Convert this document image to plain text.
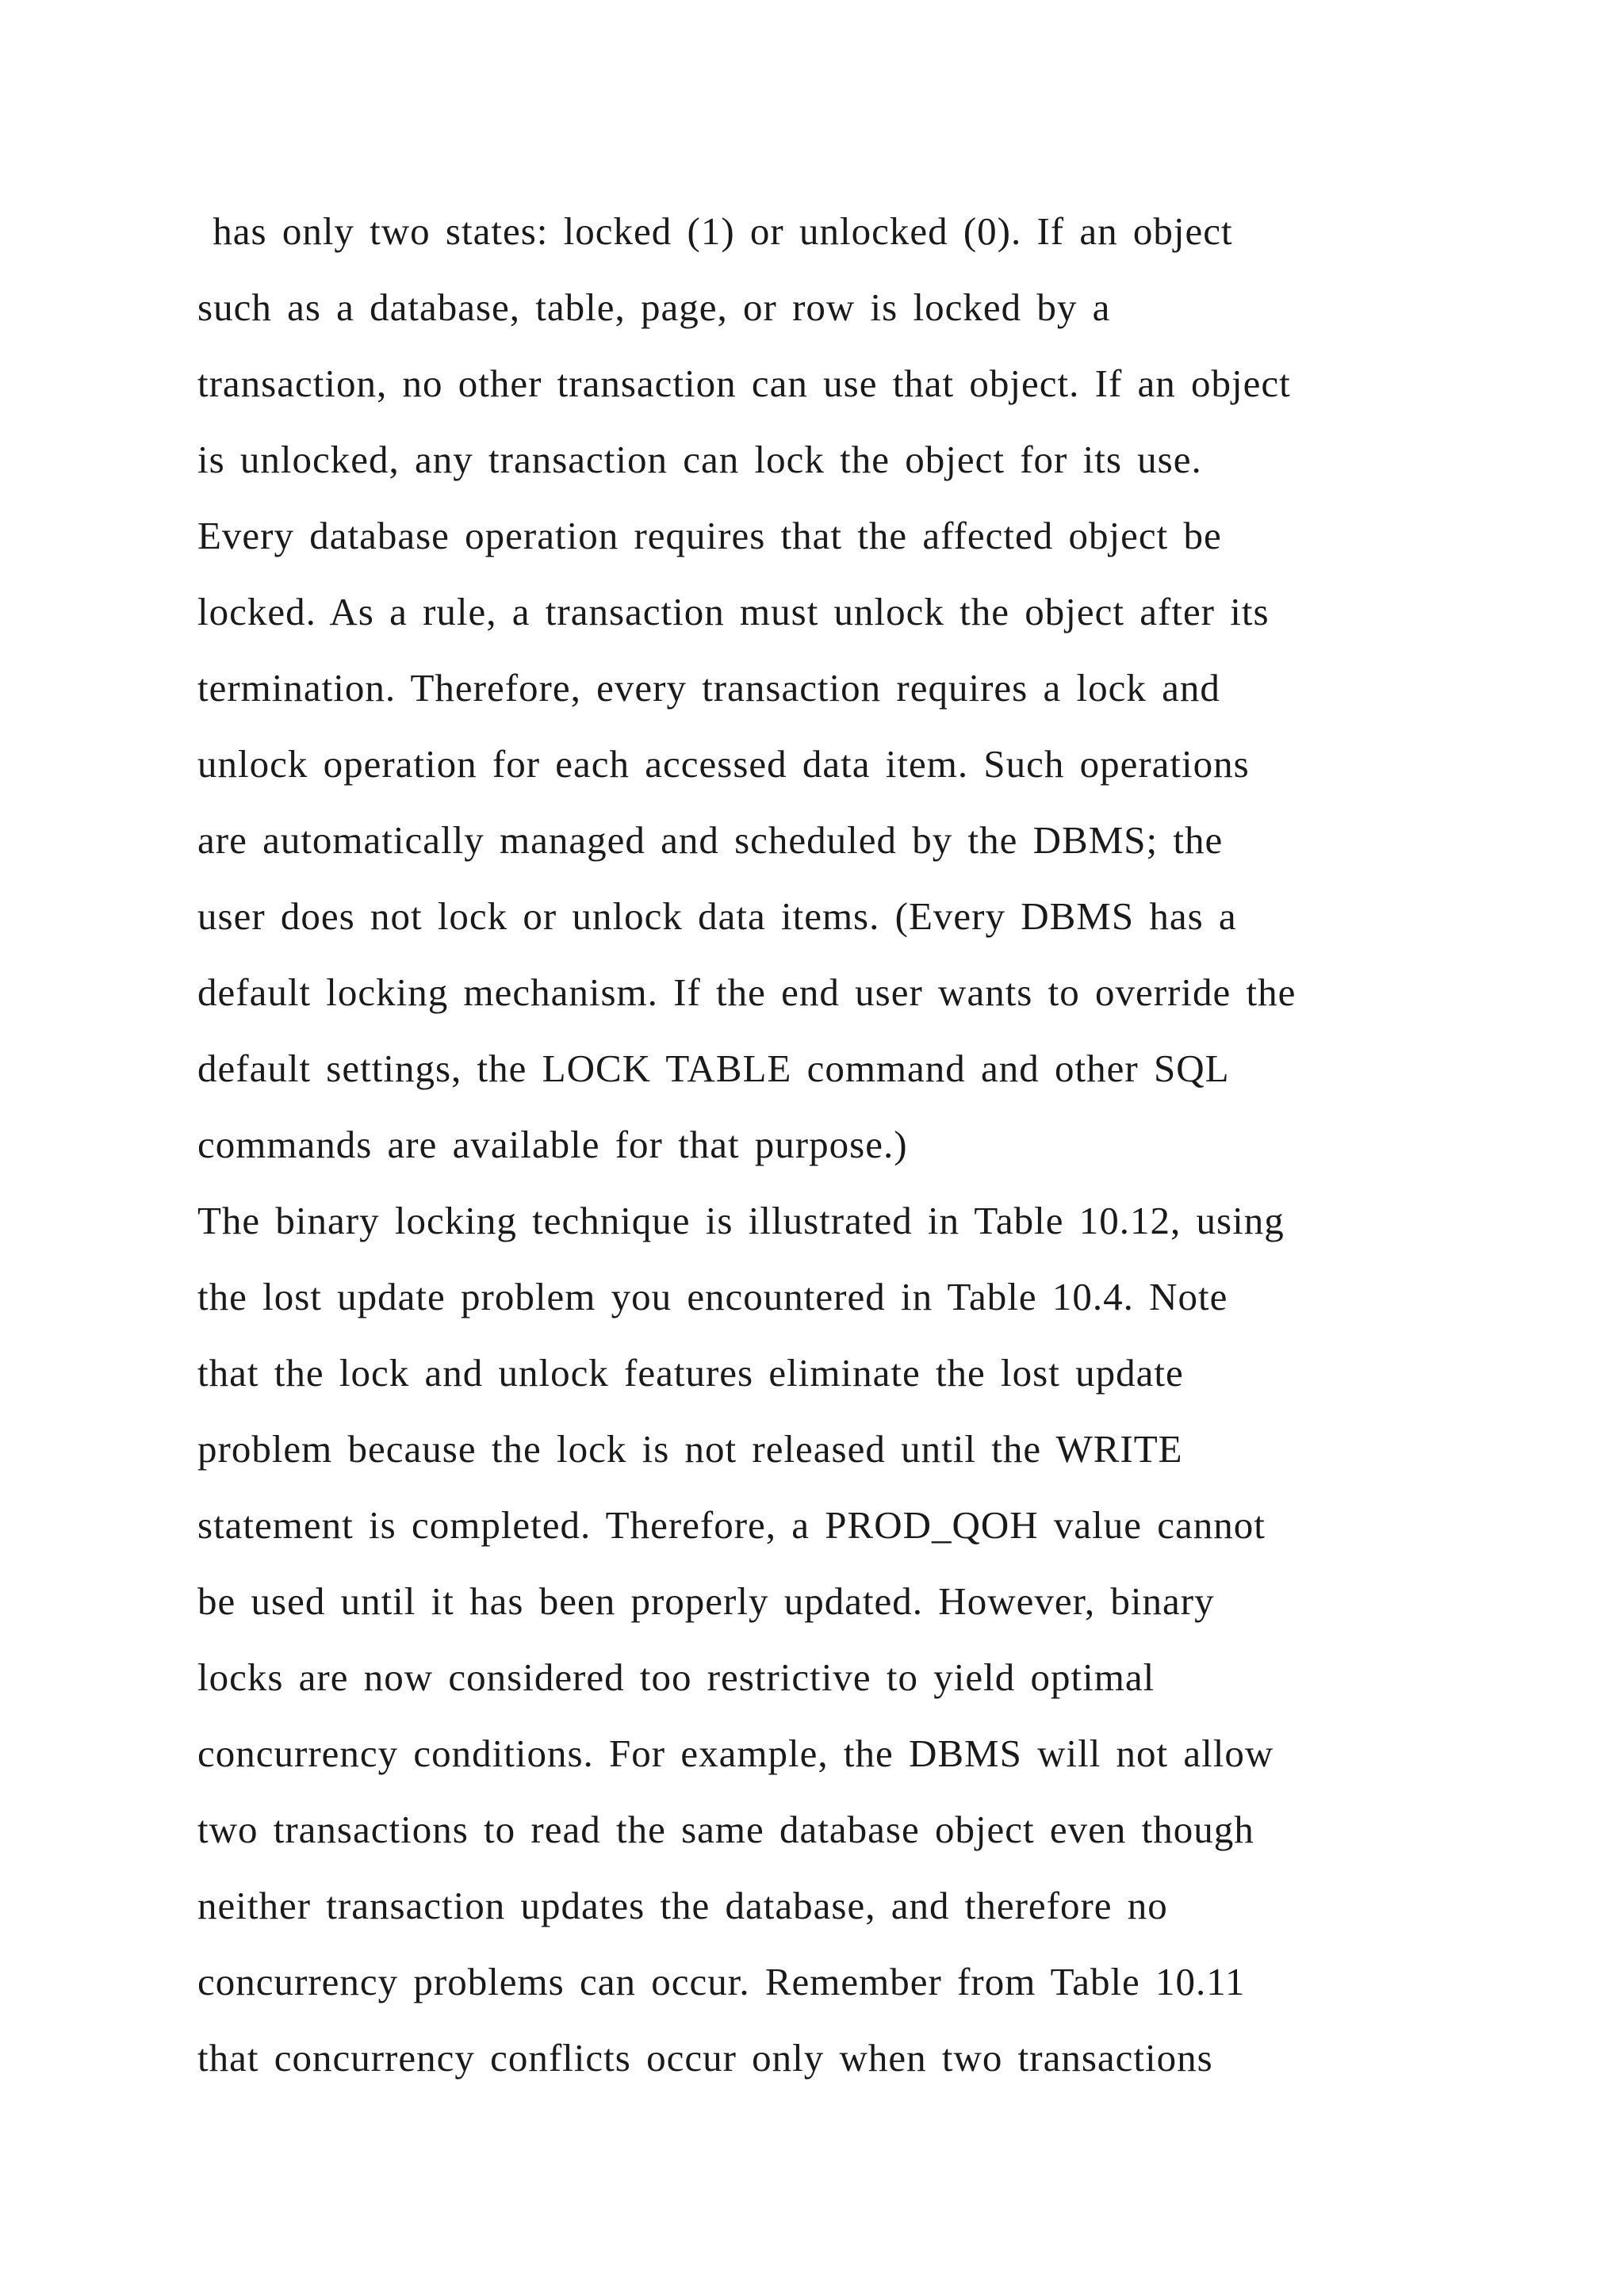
has only two states: locked (1) or unlocked (0). If an object
such as a database, table, page, or row is locked by a
transaction, no other transaction can use that object. If an object
is unlocked, any transaction can lock the object for its use.
Every database operation requires that the affected object be
locked. As a rule, a transaction must unlock the object after its
termination. Therefore, every transaction requires a lock and
unlock operation for each accessed data item. Such operations
are automatically managed and scheduled by the DBMS; the
user does not lock or unlock data items. (Every DBMS has a
default locking mechanism. If the end user wants to override the
default settings, the LOCK TABLE command and other SQL
commands are available for that purpose.)
The binary locking technique is illustrated in Table 10.12, using
the lost update problem you encountered in Table 10.4. Note
that the lock and unlock features eliminate the lost update
problem because the lock is not released until the WRITE
statement is completed. Therefore, a PROD_QOH value cannot
be used until it has been properly updated. However, binary
locks are now considered too restrictive to yield optimal
concurrency conditions. For example, the DBMS will not allow
two transactions to read the same database object even though
neither transaction updates the database, and therefore no
concurrency problems can occur. Remember from Table 10.11
that concurrency conflicts occur only when two transactions
